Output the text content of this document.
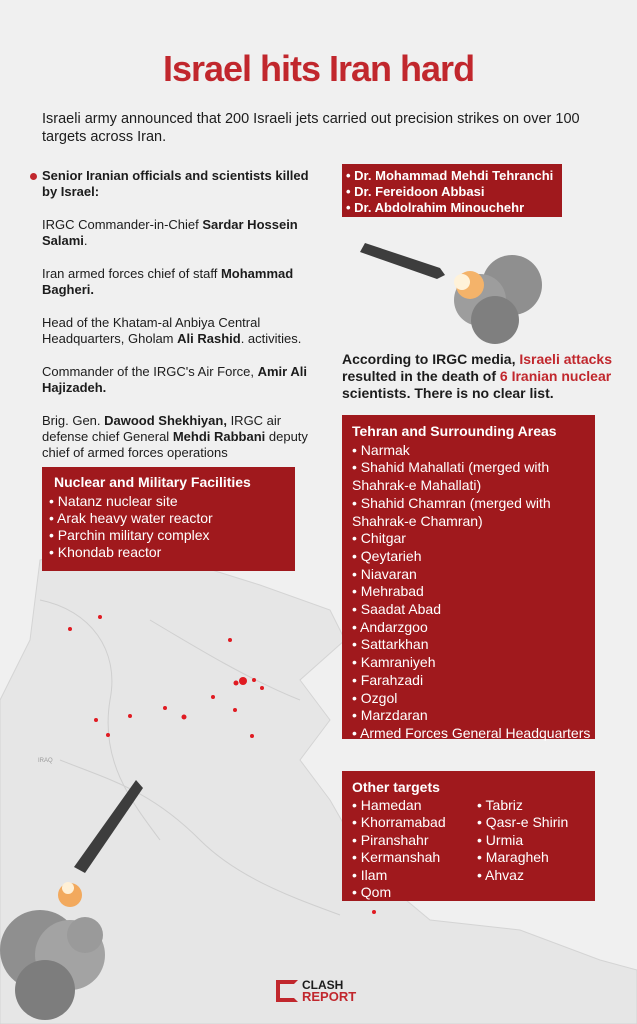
IRAQ
Israel hits Iran hard

Israeli army announced that 200 Israeli jets carried out precision strikes on over 100 targets across Iran.

Senior Iranian officials and scientists killed by Israel:

IRGC Commander-in-Chief Sardar Hossein Salami.

Iran armed forces chief of staff Mohammad Bagheri.

Head of the Khatam-al Anbiya Central Headquarters, Gholam Ali Rashid. activities.

Commander of the IRGC's Air Force, Amir Ali Hajizadeh.

Brig. Gen. Dawood Shekhiyan, IRGC air defense chief General Mehdi Rabbani deputy chief of armed forces operations

• Dr. Mohammad Mehdi Tehranchi
• Dr. Fereidoon Abbasi
• Dr. Abdolrahim Minouchehr

According to IRGC media, Israeli attacks resulted in the death of 6 Iranian nuclear scientists. There is no clear list.

Nuclear and Military Facilities
• Natanz nuclear site
• Arak heavy water reactor
• Parchin military complex
• Khondab reactor
Tehran and Surrounding Areas
• Narmak
• Shahid Mahallati (merged with Shahrak-e Mahallati)
• Shahid Chamran (merged with Shahrak-e Chamran)
• Chitgar
• Qeytarieh
• Niavaran
• Mehrabad
• Saadat Abad
• Andarzgoo
• Sattarkhan
• Kamraniyeh
• Farahzadi
• Ozgol
• Marzdaran
• Armed Forces General Headquarters
Other targets
• Hamedan
• Khorramabad
• Piranshahr
• Kermanshah
• Ilam
• Qom
• Tabriz
• Qasr-e Shirin
• Urmia
• Maragheh
• Ahvaz
CLASH
REPORT
